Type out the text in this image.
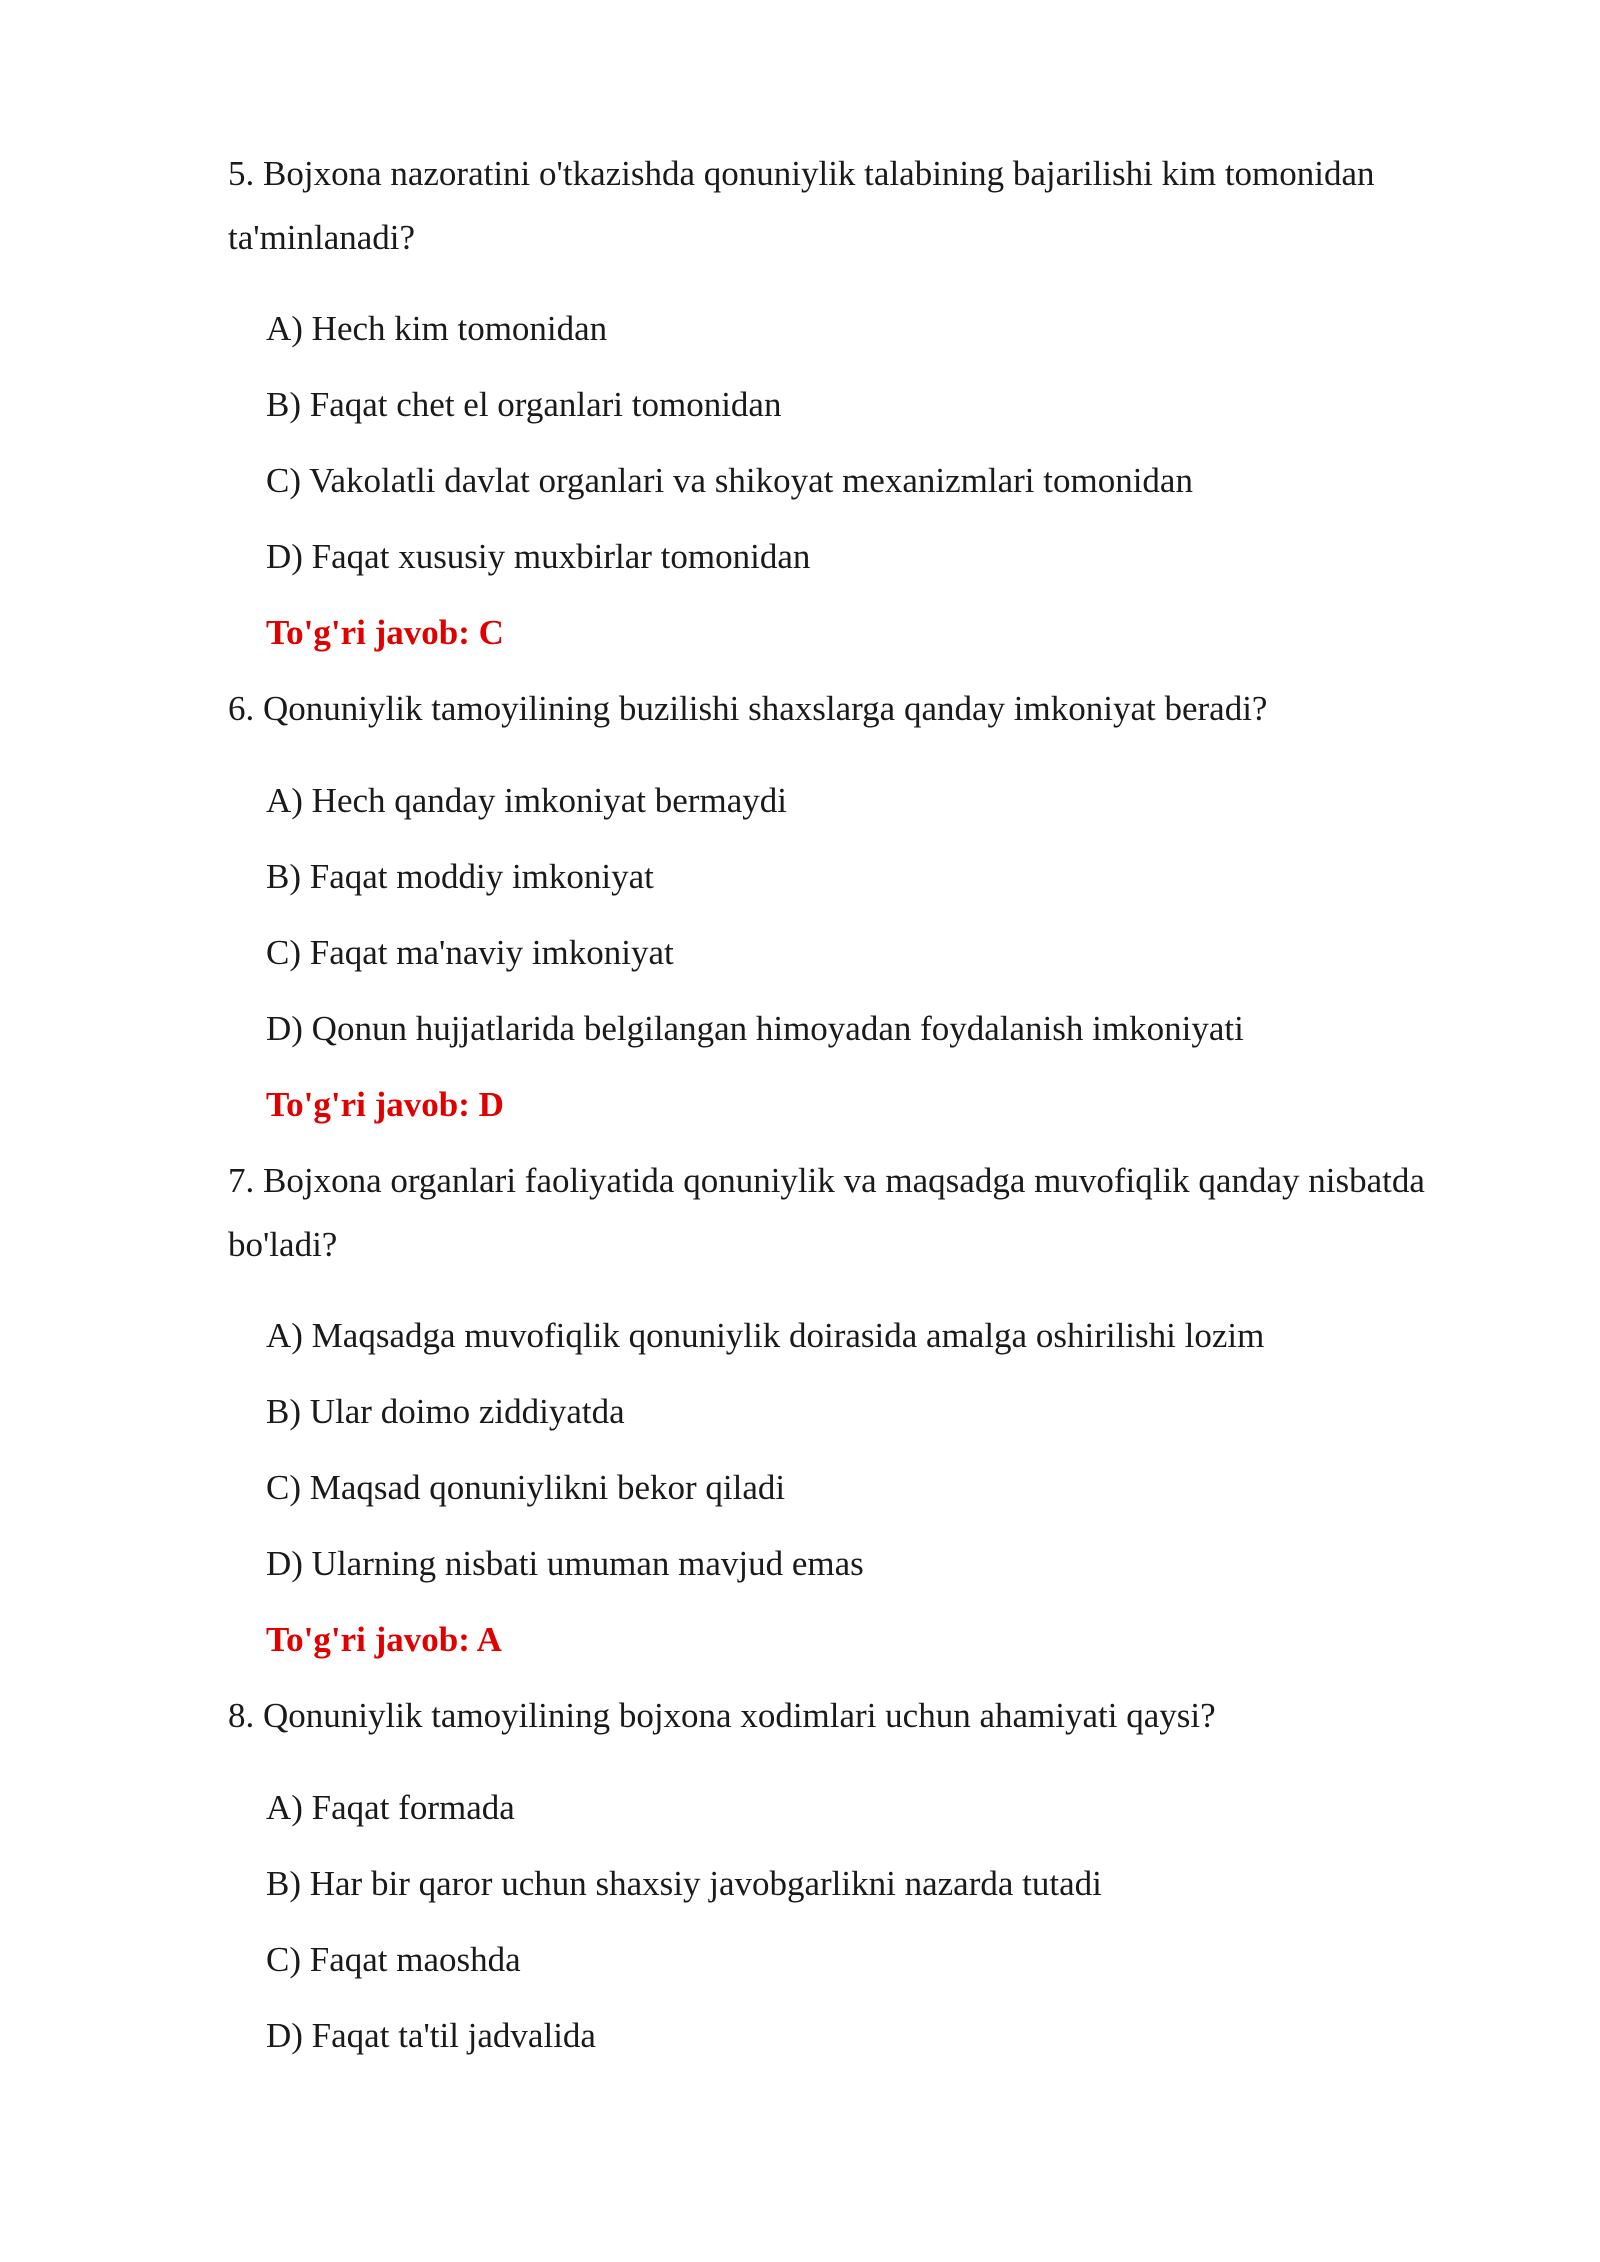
5. Bojxona nazoratini o'tkazishda qonuniylik talabining bajarilishi kim tomonidan ta'minlanadi?

A) Hech kim tomonidan

B) Faqat chet el organlari tomonidan

C) Vakolatli davlat organlari va shikoyat mexanizmlari tomonidan

D) Faqat xususiy muxbirlar tomonidan

To'g'ri javob: C

6. Qonuniylik tamoyilining buzilishi shaxslarga qanday imkoniyat beradi?

A) Hech qanday imkoniyat bermaydi

B) Faqat moddiy imkoniyat

C) Faqat ma'naviy imkoniyat

D) Qonun hujjatlarida belgilangan himoyadan foydalanish imkoniyati

To'g'ri javob: D

7. Bojxona organlari faoliyatida qonuniylik va maqsadga muvofiqlik qanday nisbatda bo'ladi?

A) Maqsadga muvofiqlik qonuniylik doirasida amalga oshirilishi lozim

B) Ular doimo ziddiyatda

C) Maqsad qonuniylikni bekor qiladi

D) Ularning nisbati umuman mavjud emas

To'g'ri javob: A

8. Qonuniylik tamoyilining bojxona xodimlari uchun ahamiyati qaysi?

A) Faqat formada

B) Har bir qaror uchun shaxsiy javobgarlikni nazarda tutadi

C) Faqat maoshda

D) Faqat ta'til jadvalida
